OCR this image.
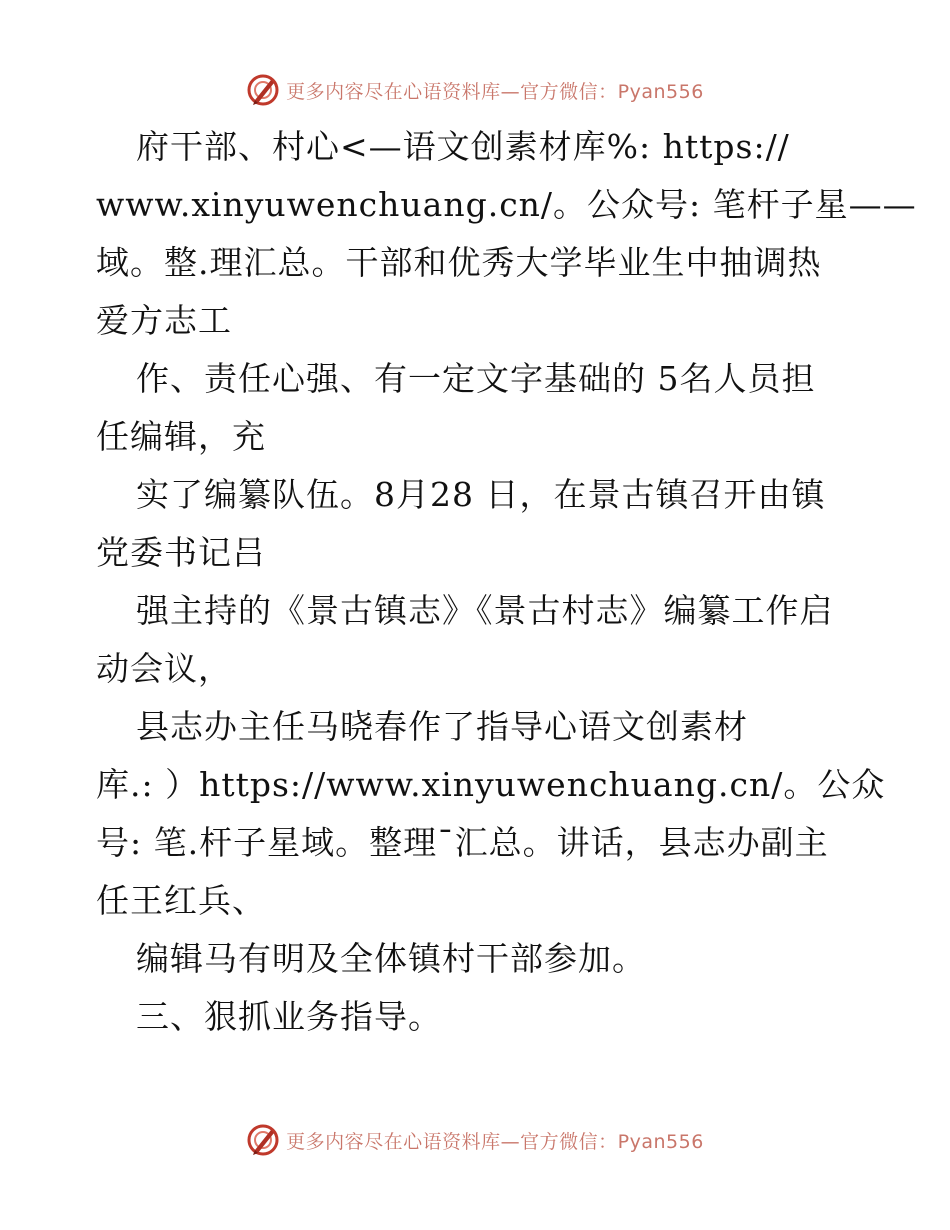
更多内容尽在心语资料库—官方微信：Pyan556
府干部、村心<—语文创素材库%: https://
www.xinyuwenchuang.cn/。公众号: 笔杆子星——
域。整.理汇总。干部和优秀大学毕业生中抽调热
爱方志工
作、责任心强、有一定文字基础的 5名人员担
任编辑，充
实了编纂队伍。8月28 日，在景古镇召开由镇
党委书记吕
强主持的《景古镇志》《景古村志》编纂工作启
动会议，
县志办主任马晓春作了指导心语文创素材
库.: ）https://www.xinyuwenchuang.cn/。公众
号: 笔.杆子星域。整理¯汇总。讲话，县志办副主
任王红兵、
编辑马有明及全体镇村干部参加。
三、狠抓业务指导。
更多内容尽在心语资料库—官方微信：Pyan556
